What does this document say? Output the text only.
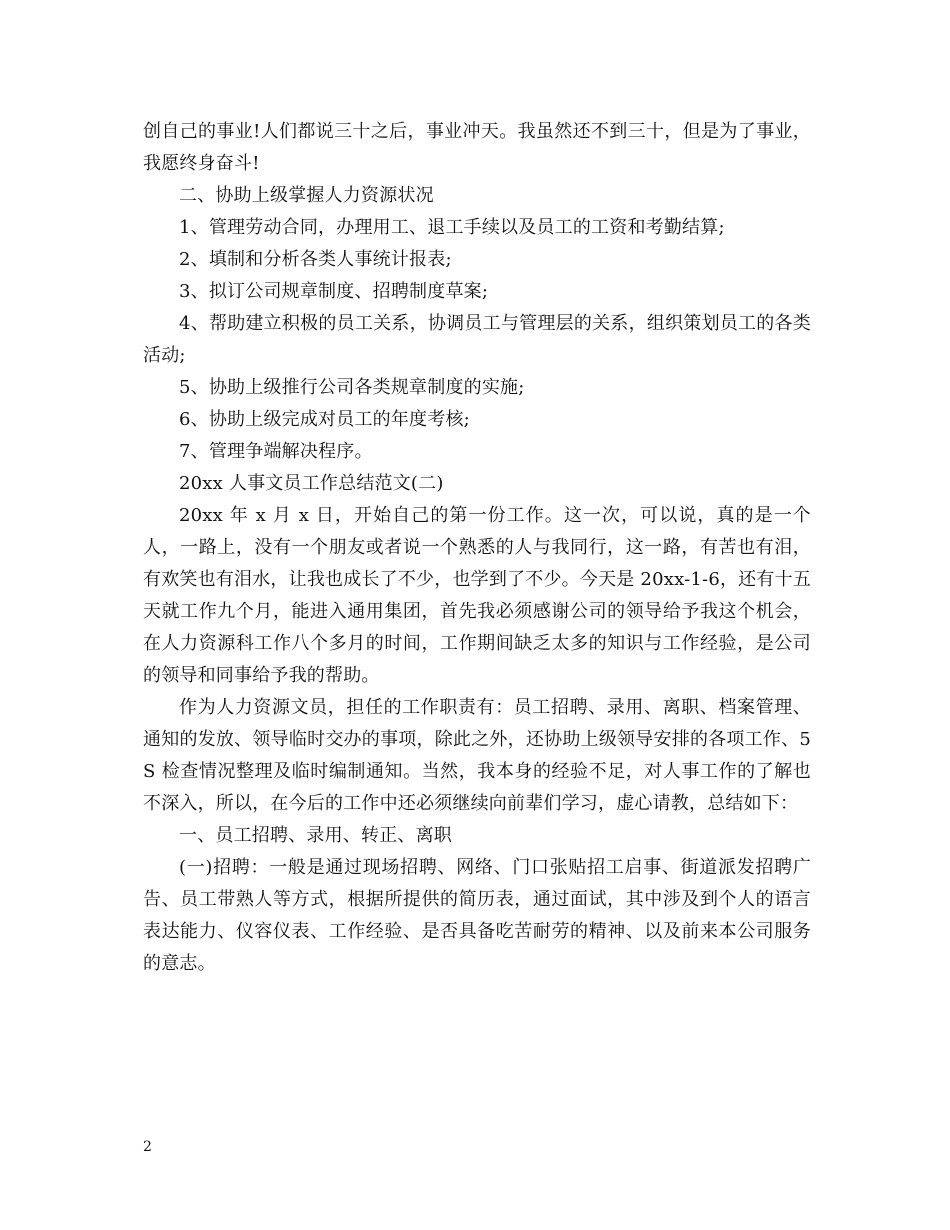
创自己的事业!人们都说三十之后，事业冲天。我虽然还不到三十，但是为了事业，我愿终身奋斗!

二、协助上级掌握人力资源状况

1、管理劳动合同，办理用工、退工手续以及员工的工资和考勤结算;

2、填制和分析各类人事统计报表;

3、拟订公司规章制度、招聘制度草案;

4、帮助建立积极的员工关系，协调员工与管理层的关系，组织策划员工的各类活动;

5、协助上级推行公司各类规章制度的实施;

6、协助上级完成对员工的年度考核;

7、管理争端解决程序。

20xx 人事文员工作总结范文(二)

20xx 年 x 月 x 日，开始自己的第一份工作。这一次，可以说，真的是一个人，一路上，没有一个朋友或者说一个熟悉的人与我同行，这一路，有苦也有泪，有欢笑也有泪水，让我也成长了不少，也学到了不少。今天是 20xx-1-6，还有十五天就工作九个月，能进入通用集团，首先我必须感谢公司的领导给予我这个机会，在人力资源科工作八个多月的时间，工作期间缺乏太多的知识与工作经验，是公司的领导和同事给予我的帮助。

作为人力资源文员，担任的工作职责有：员工招聘、录用、离职、档案管理、通知的发放、领导临时交办的事项，除此之外，还协助上级领导安排的各项工作、5S 检查情况整理及临时编制通知。当然，我本身的经验不足，对人事工作的了解也不深入，所以，在今后的工作中还必须继续向前辈们学习，虚心请教，总结如下：

一、员工招聘、录用、转正、离职

(一)招聘：一般是通过现场招聘、网络、门口张贴招工启事、街道派发招聘广告、员工带熟人等方式，根据所提供的简历表，通过面试，其中涉及到个人的语言表达能力、仪容仪表、工作经验、是否具备吃苦耐劳的精神、以及前来本公司服务的意志。

2
